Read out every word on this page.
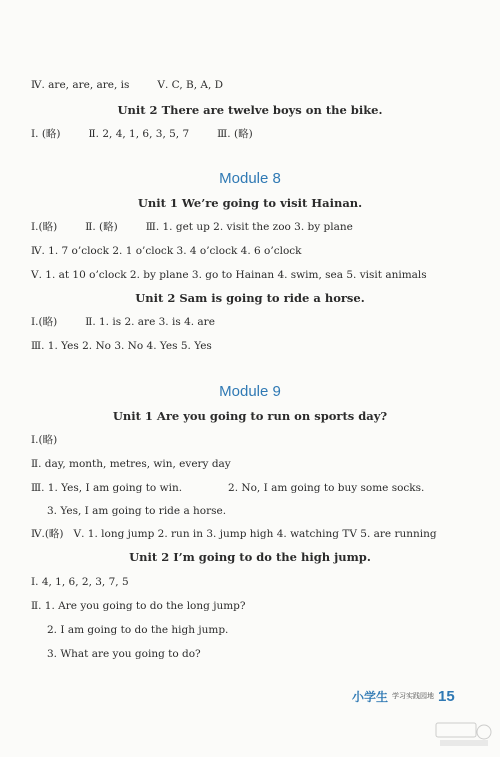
Ⅳ. are, are, are, is	Ⅴ. C, B, A, D
Unit 2 There are twelve boys on the bike.
Ⅰ. (略)	Ⅱ. 2, 4, 1, 6, 3, 5, 7	Ⅲ. (略)
Module 8
Unit 1 We’re going to visit Hainan.
Ⅰ.(略)	Ⅱ. (略)	Ⅲ. 1. get up 2. visit the zoo 3. by plane
Ⅳ. 1. 7 o’clock 2. 1 o’clock 3. 4 o’clock 4. 6 o’clock
Ⅴ. 1. at 10 o’clock 2. by plane 3. go to Hainan 4. swim, sea 5. visit animals
Unit 2 Sam is going to ride a horse.
Ⅰ.(略)	Ⅱ. 1. is 2. are 3. is 4. are
Ⅲ. 1. Yes 2. No 3. No 4. Yes 5. Yes
Module 9
Unit 1 Are you going to run on sports day?
Ⅰ.(略)
Ⅱ. day, month, metres, win, every day
Ⅲ. 1. Yes, I am going to win.	2. No, I am going to buy some socks.
3. Yes, I am going to ride a horse.
Ⅳ.(略) Ⅴ. 1. long jump 2. run in 3. jump high 4. watching TV 5. are running
Unit 2 I’m going to do the high jump.
Ⅰ. 4, 1, 6, 2, 3, 7, 5
Ⅱ. 1. Are you going to do the long jump?
2. I am going to do the high jump.
3. What are you going to do?
小学生 学习实践园地 15
